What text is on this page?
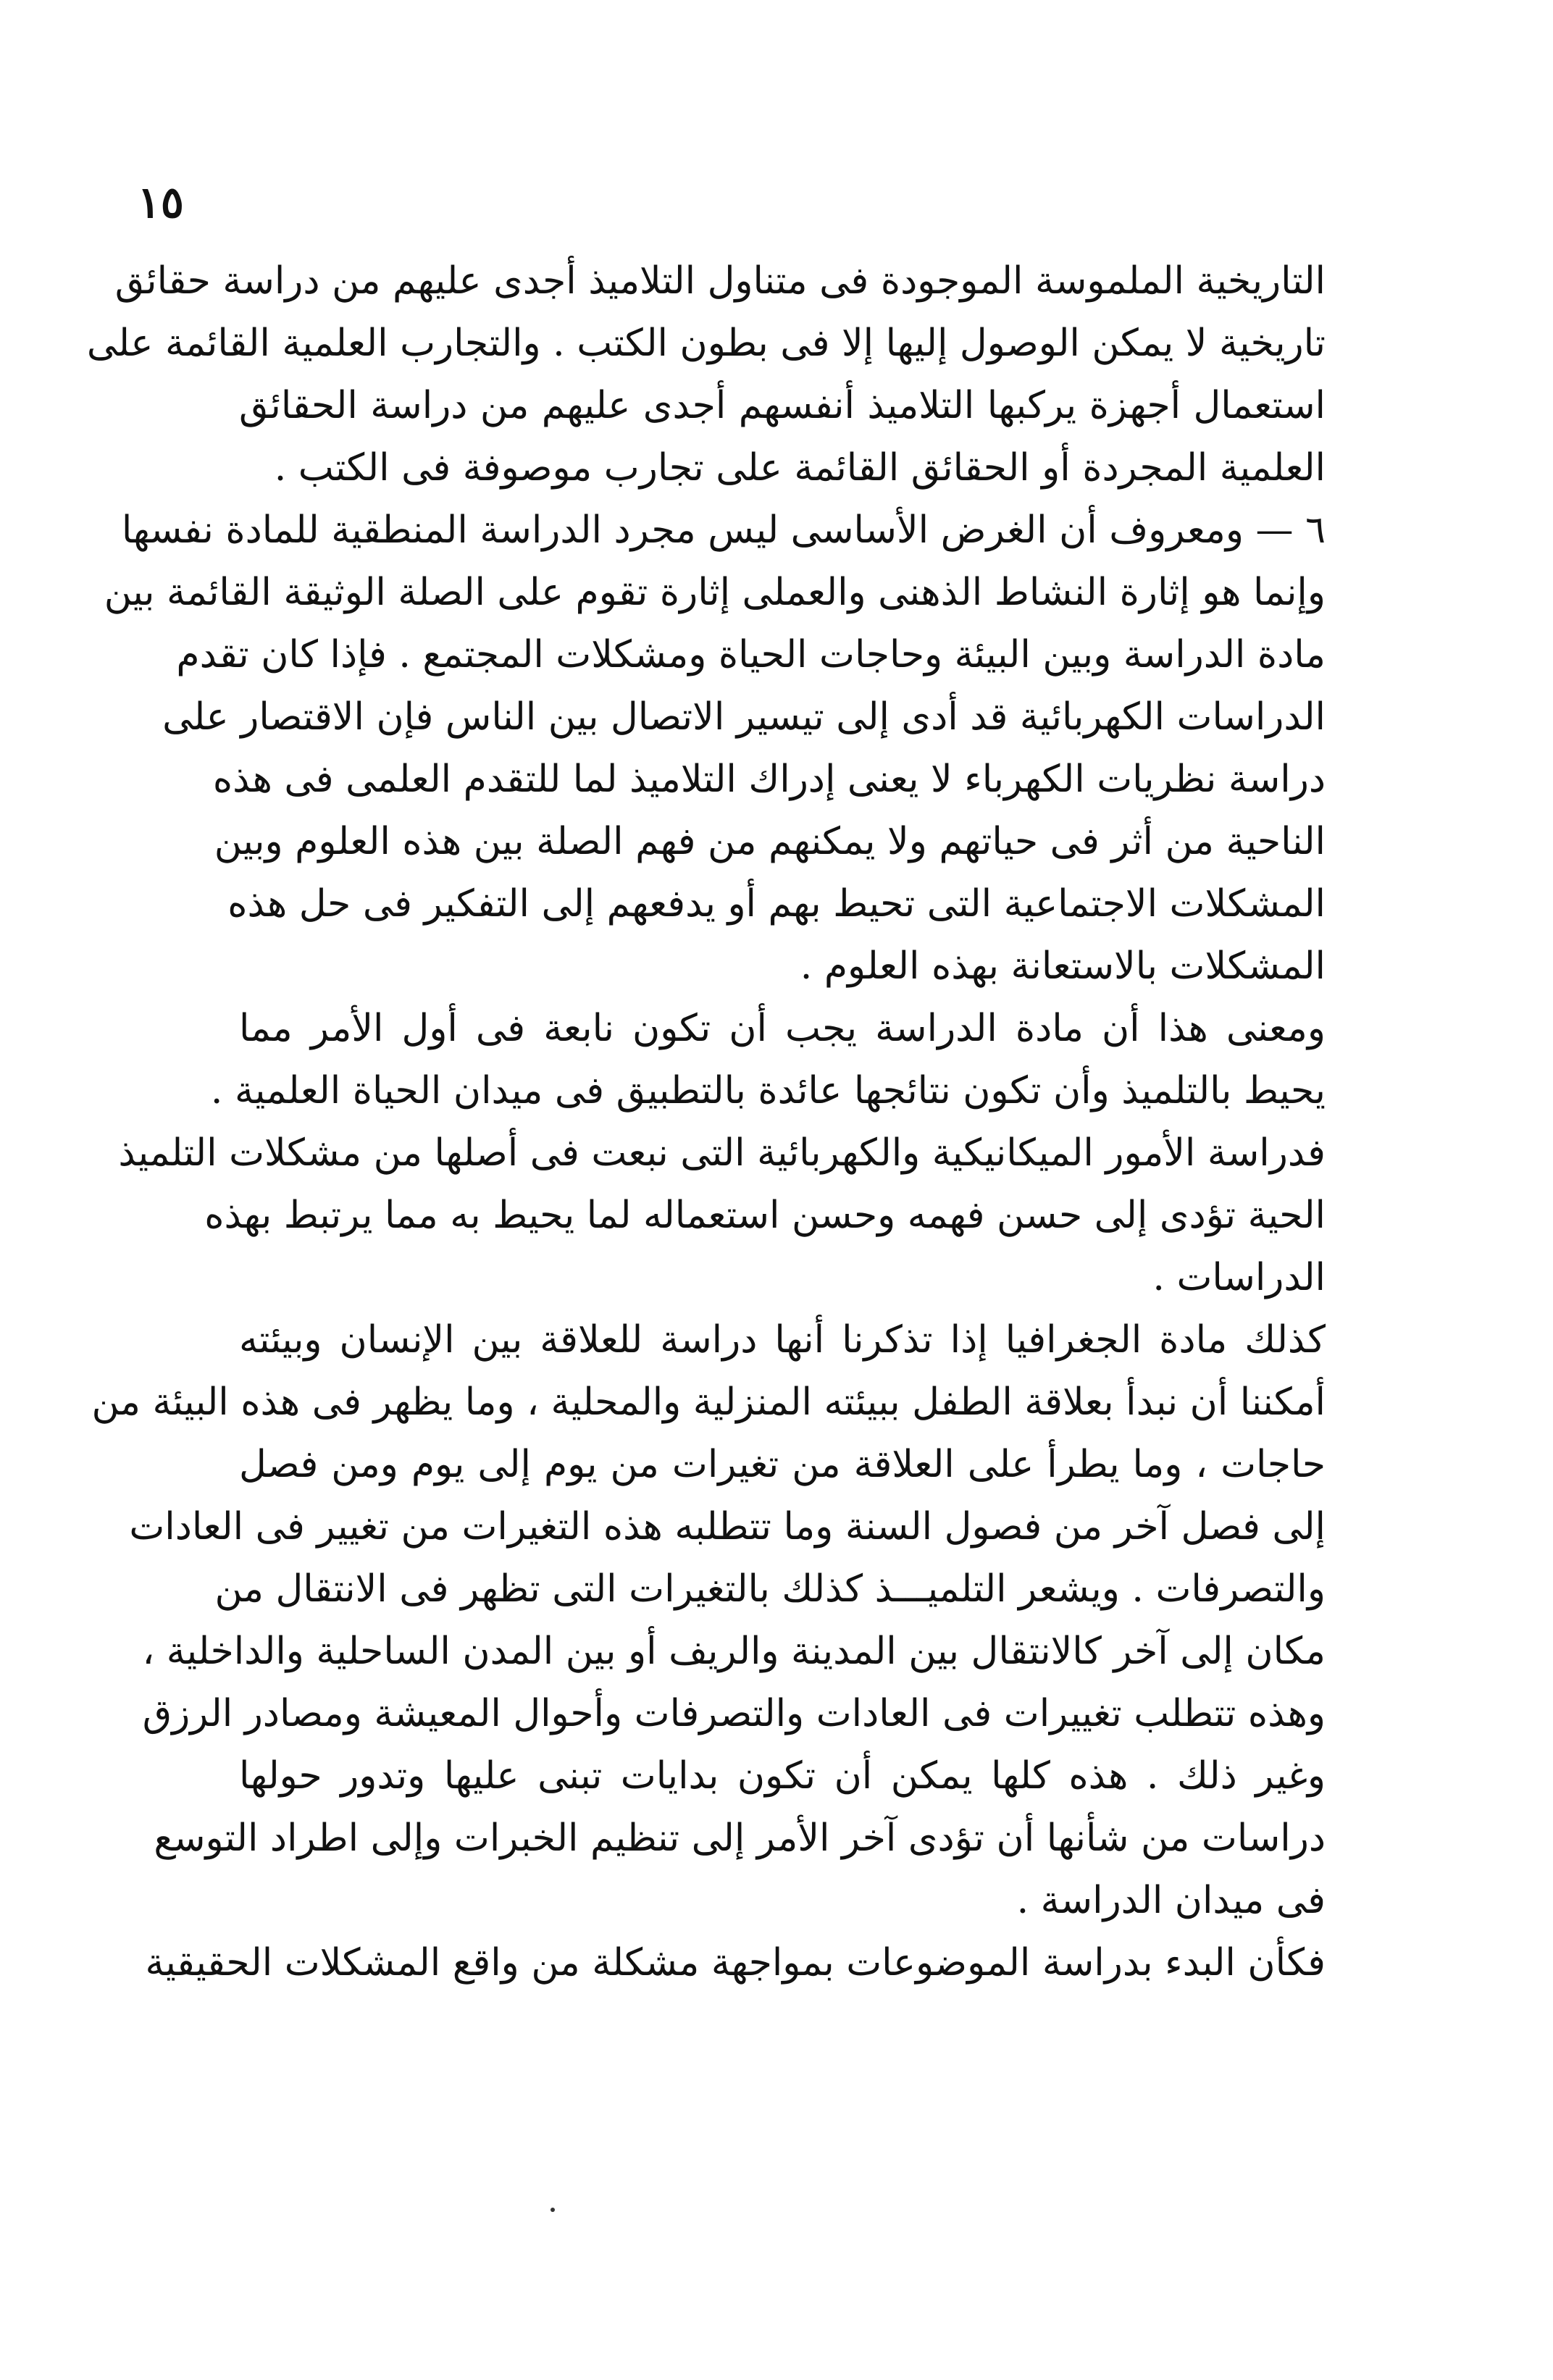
١٥
التاريخية الملموسة الموجودة فى متناول التلاميذ أجدى عليهم من دراسة حقائق
تاريخية لا يمكن الوصول إليها إلا فى بطون الكتب . والتجارب العلمية القائمة على
استعمال أجهزة يركبها التلاميذ أنفسهم أجدى عليهم من دراسة الحقائق
العلمية المجردة أو الحقائق القائمة على تجارب موصوفة فى الكتب .
٦ — ومعروف أن الغرض الأساسى ليس مجرد الدراسة المنطقية للمادة نفسها
وإنما هو إثارة النشاط الذهنى والعملى إثارة تقوم على الصلة الوثيقة القائمة بين
مادة الدراسة وبين البيئة وحاجات الحياة ومشكلات المجتمع . فإذا كان تقدم
الدراسات الكهربائية قد أدى إلى تيسير الاتصال بين الناس فإن الاقتصار على
دراسة نظريات الكهرباء لا يعنى إدراك التلاميذ لما للتقدم العلمى فى هذه
الناحية من أثر فى حياتهم ولا يمكنهم من فهم الصلة بين هذه العلوم وبين
المشكلات الاجتماعية التى تحيط بهم أو يدفعهم إلى التفكير فى حل هذه
المشكلات بالاستعانة بهذه العلوم .
ومعنى هذا أن مادة الدراسة يجب أن تكون نابعة فى أول الأمر مما
يحيط بالتلميذ وأن تكون نتائجها عائدة بالتطبيق فى ميدان الحياة العلمية .
فدراسة الأمور الميكانيكية والكهربائية التى نبعت فى أصلها من مشكلات التلميذ
الحية تؤدى إلى حسن فهمه وحسن استعماله لما يحيط به مما يرتبط بهذه
الدراسات .
كذلك مادة الجغرافيا إذا تذكرنا أنها دراسة للعلاقة بين الإنسان وبيئته
أمكننا أن نبدأ بعلاقة الطفل ببيئته المنزلية والمحلية ، وما يظهر فى هذه البيئة من
حاجات ، وما يطرأ على العلاقة من تغيرات من يوم إلى يوم ومن فصل
إلى فصل آخر من فصول السنة وما تتطلبه هذه التغيرات من تغيير فى العادات
والتصرفات . ويشعر التلميـــذ كذلك بالتغيرات التى تظهر فى الانتقال من
مكان إلى آخر كالانتقال بين المدينة والريف أو بين المدن الساحلية والداخلية ،
وهذه تتطلب تغييرات فى العادات والتصرفات وأحوال المعيشة ومصادر الرزق
وغير ذلك . هذه كلها يمكن أن تكون بدايات تبنى عليها وتدور حولها
دراسات من شأنها أن تؤدى آخر الأمر إلى تنظيم الخبرات وإلى اطراد التوسع
فى ميدان الدراسة .
فكأن البدء بدراسة الموضوعات بمواجهة مشكلة من واقع المشكلات الحقيقية
